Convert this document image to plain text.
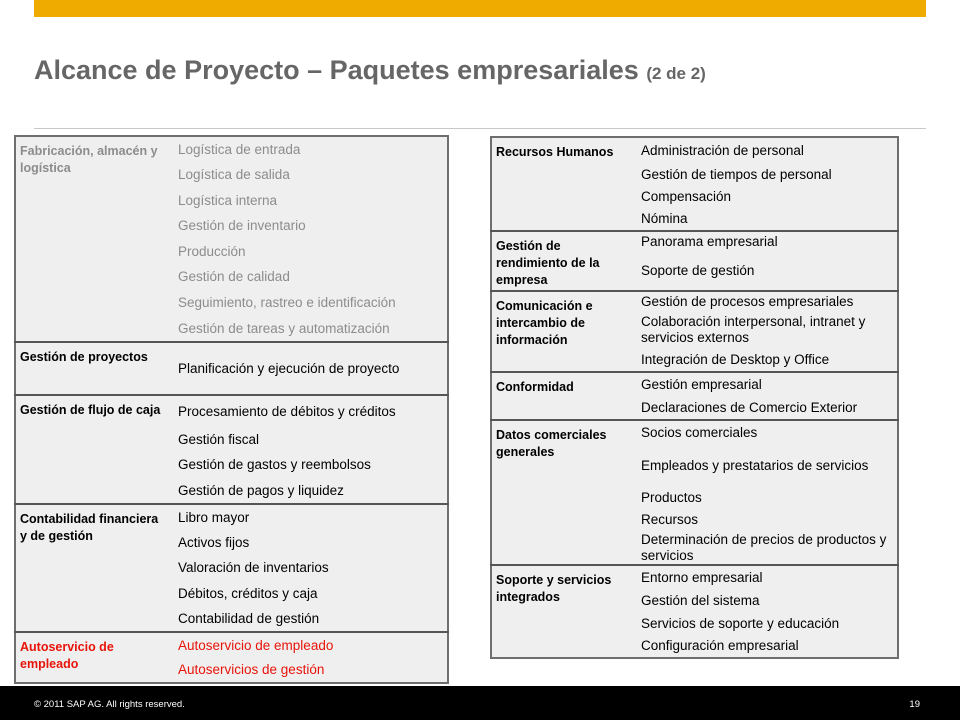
Alcance de Proyecto – Paquetes empresariales (2 de 2)
Fabricación, almacén y logística	Logística de entrada

Logística de salida

Logística interna

Gestión de inventario

Producción

Gestión de calidad

Seguimiento, rastreo e identificación

Gestión de tareas y automatización

Gestión de proyectos	Planificación y ejecución de proyecto

Gestión de flujo de caja	Procesamiento de débitos y créditos

Gestión fiscal

Gestión de gastos y reembolsos

Gestión de pagos y liquidez

Contabilidad financiera y de gestión	Libro mayor

Activos fijos

Valoración de inventarios

Débitos, créditos y caja

Contabilidad de gestión

Autoservicio de empleado	Autoservicio de empleado

Autoservicios de gestión
Recursos Humanos	Administración de personal

Gestión de tiempos de personal

Compensación

Nómina

Gestión de rendimiento de la empresa	Panorama empresarial

Soporte de gestión

Comunicación e intercambio de información	Gestión de procesos empresariales

Colaboración interpersonal, intranet y servicios externos

Integración de Desktop y Office

Conformidad	Gestión empresarial

Declaraciones de Comercio Exterior

Datos comerciales generales	Socios comerciales

Empleados y prestatarios de servicios

Productos

Recursos

Determinación de precios de productos y servicios

Soporte y servicios integrados	Entorno empresarial

Gestión del sistema

Servicios de soporte y educación

Configuración empresarial
© 2011 SAP AG. All rights reserved.	19
